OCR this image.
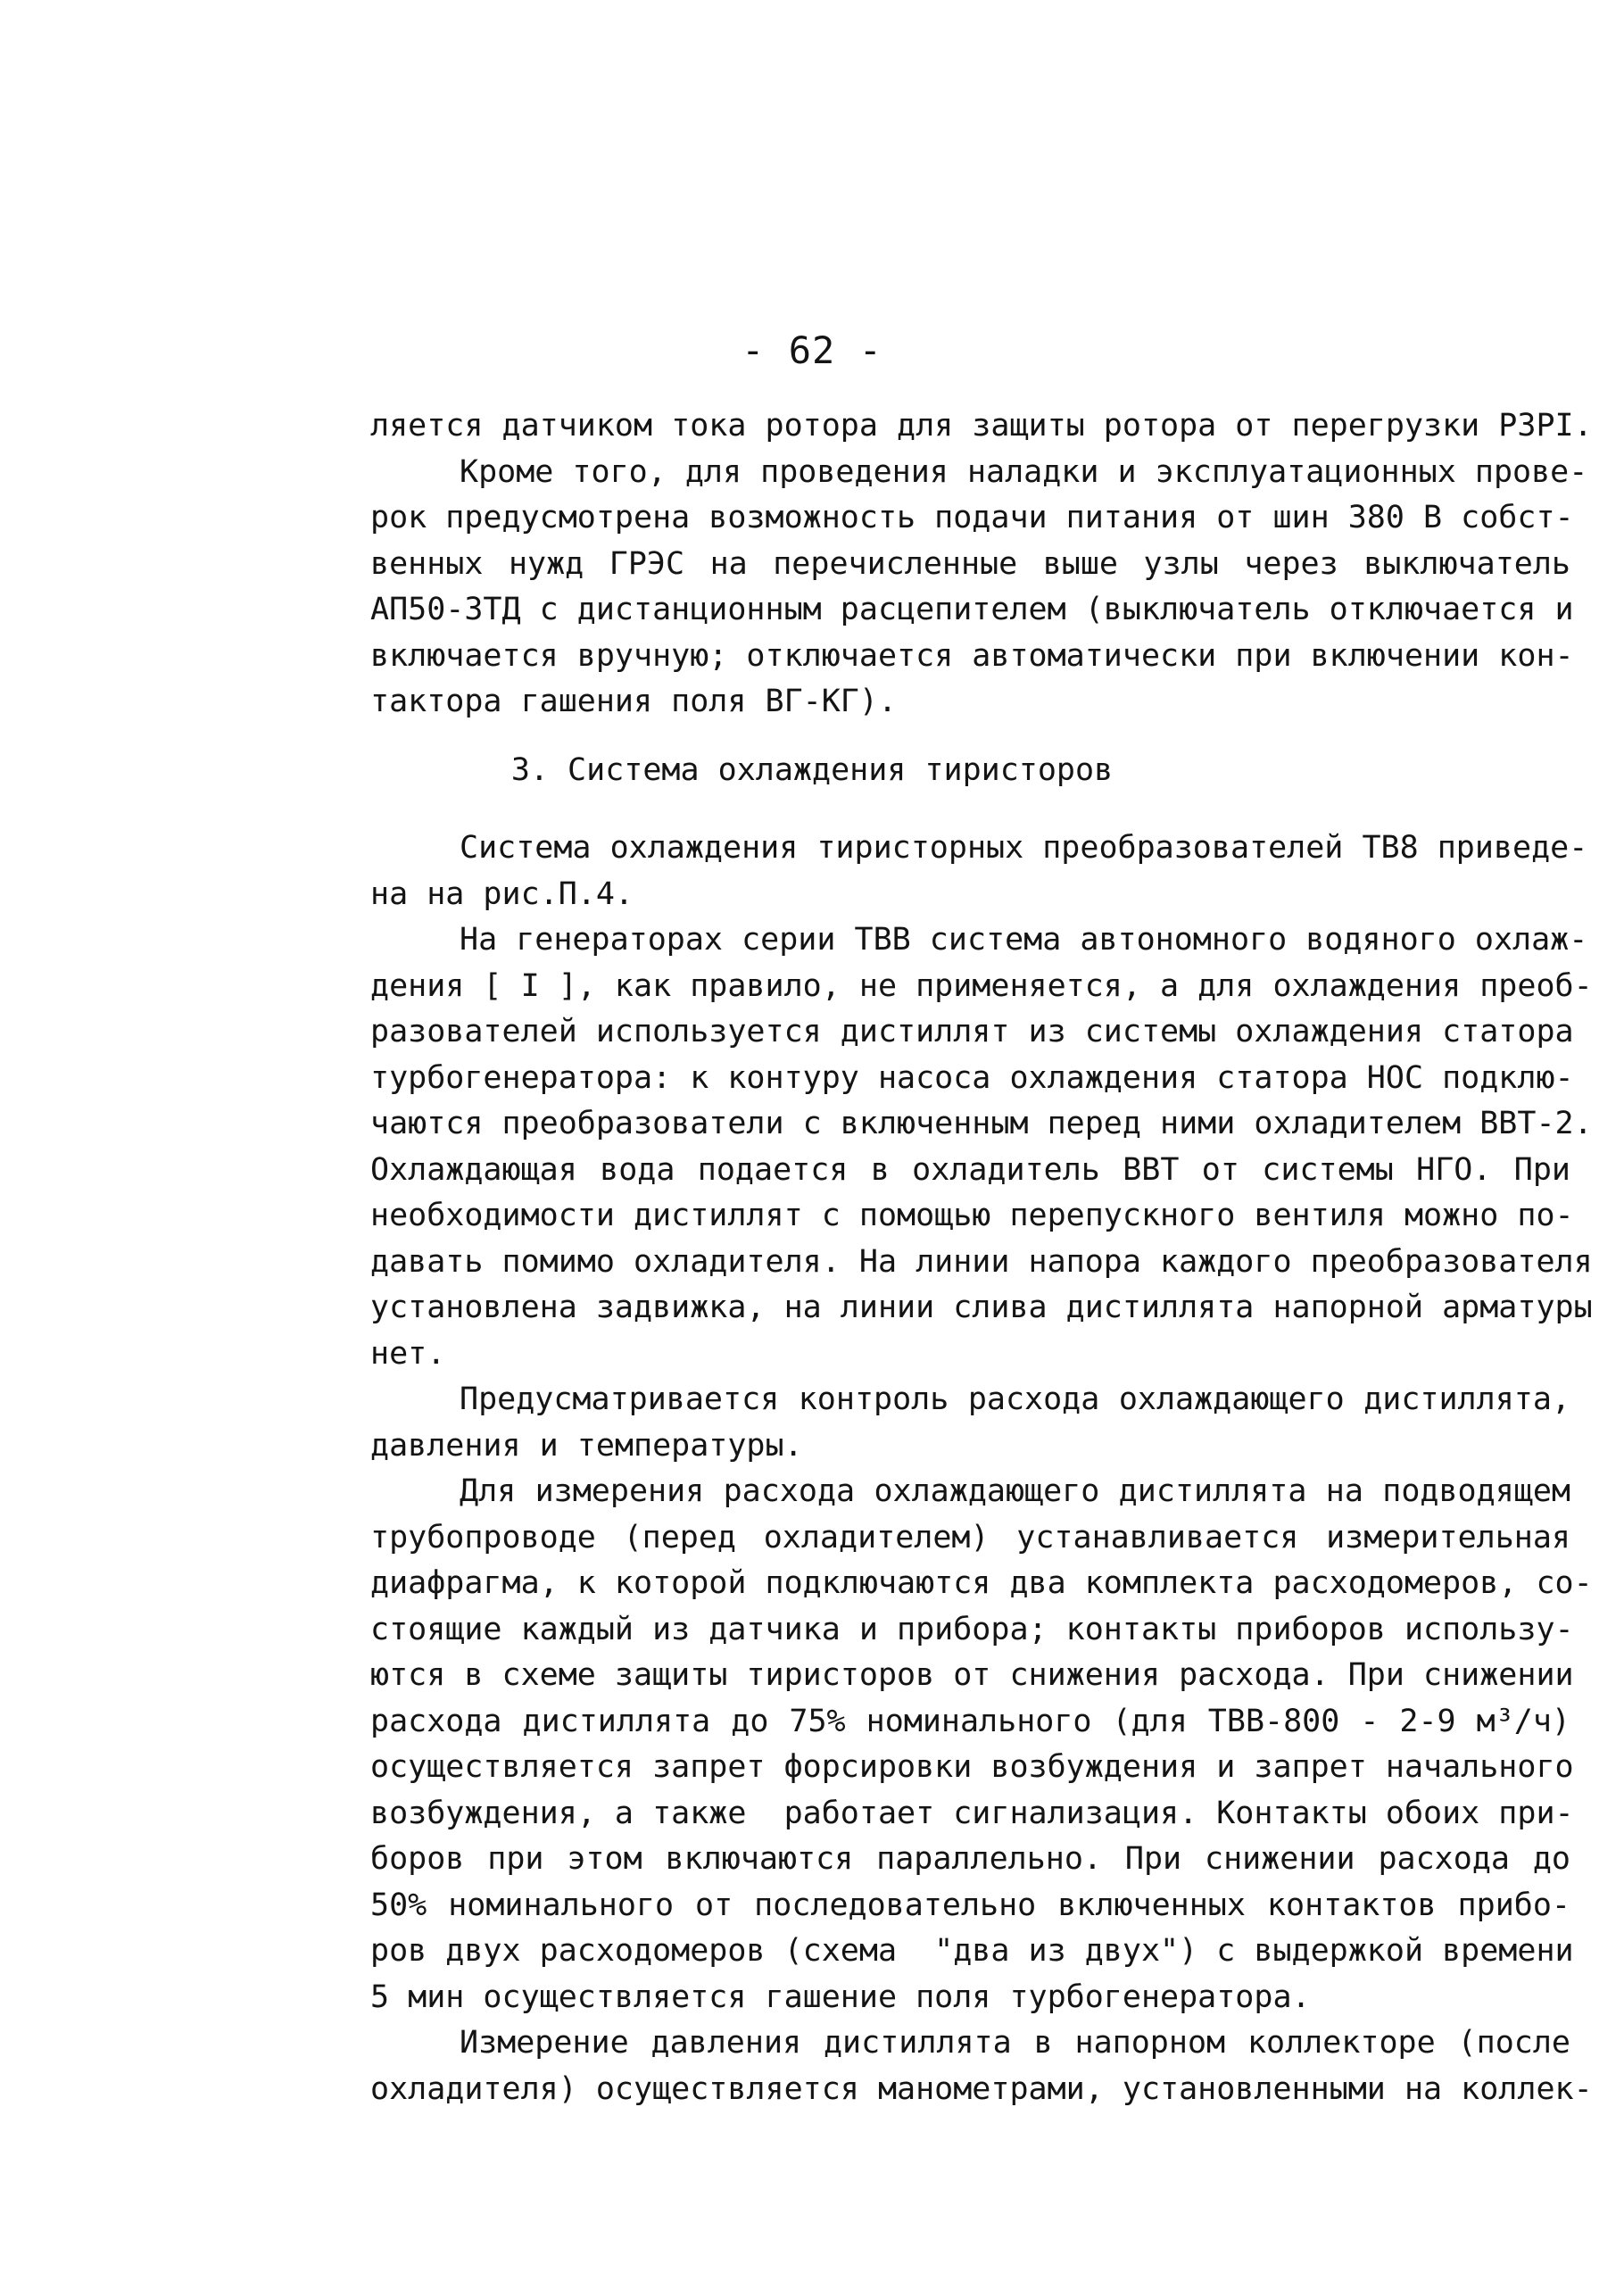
- 62 -
ляется датчиком тока ротора для защиты ротора от перегрузки РЗРI.
Кроме того, для проведения наладки и эксплуатационных прове-
рок предусмотрена возможность подачи питания от шин 380 В собст-
венных нужд ГРЭС на перечисленные выше узлы через выключатель
АП50-3ТД с дистанционным расцепителем (выключатель отключается и
включается вручную; отключается автоматически при включении кон-
тактора гашения поля ВГ-КГ).
3. Система охлаждения тиристоров
Система охлаждения тиристорных преобразователей ТВ8 приведе-
на на рис.П.4.
На генераторах серии ТВВ система автономного водяного охлаж-
дения [ I ], как правило, не применяется, а для охлаждения преоб-
разователей используется дистиллят из системы охлаждения статора
турбогенератора: к контуру насоса охлаждения статора НОС подклю-
чаются преобразователи с включенным перед ними охладителем ВВТ-2.
Охлаждающая вода подается в охладитель ВВТ от системы НГО. При
необходимости дистиллят с помощью перепускного вентиля можно по-
давать помимо охладителя. На линии напора каждого преобразователя
установлена задвижка, на линии слива дистиллята напорной арматуры
нет.
Предусматривается контроль расхода охлаждающего дистиллята,
давления и температуры.
Для измерения расхода охлаждающего дистиллята на подводящем
трубопроводе (перед охладителем) устанавливается измерительная
диафрагма, к которой подключаются два комплекта расходомеров, со-
стоящие каждый из датчика и прибора; контакты приборов использу-
ются в схеме защиты тиристоров от снижения расхода. При снижении
расхода дистиллята до 75% номинального (для ТВВ-800 - 2-9 м³/ч)
осуществляется запрет форсировки возбуждения и запрет начального
возбуждения, а также  работает сигнализация. Контакты обоих при-
боров при этом включаются параллельно. При снижении расхода до
50% номинального от последовательно включенных контактов прибо-
ров двух расходомеров (схема  "два из двух") с выдержкой времени
5 мин осуществляется гашение поля турбогенератора.
Измерение давления дистиллята в напорном коллекторе (после
охладителя) осуществляется манометрами, установленными на коллек-
